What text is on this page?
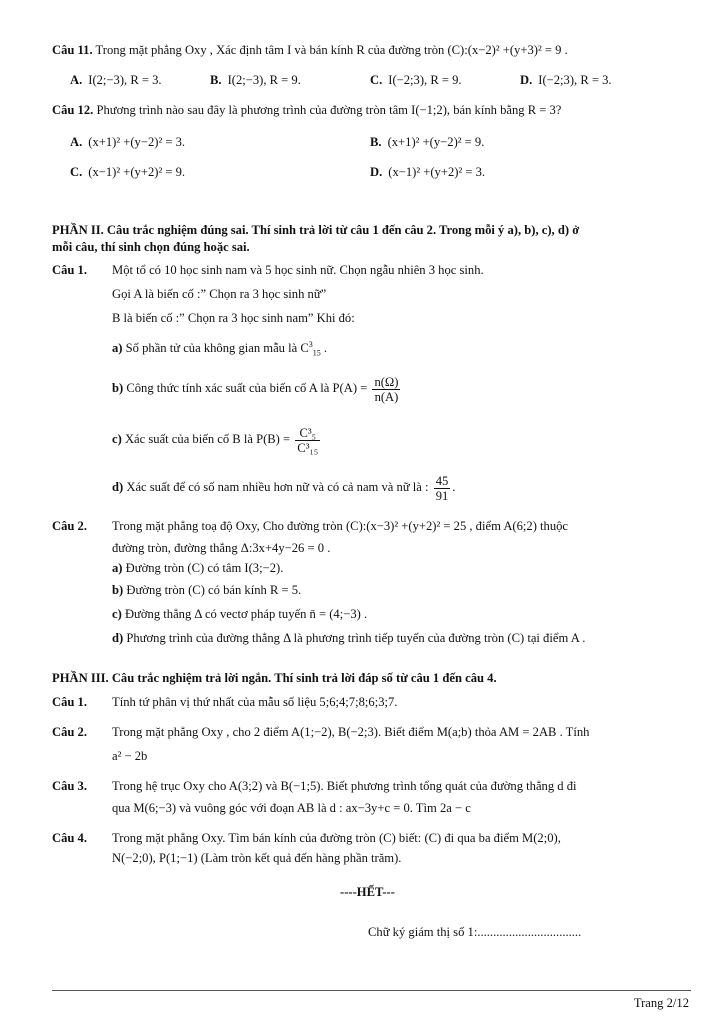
Câu 11. Trong mặt phẳng Oxy , Xác định tâm I và bán kính R của đường tròn (C):(x−2)² +(y+3)² = 9 .
A. I(2;−3), R = 3.	B. I(2;−3), R = 9.	C. I(−2;3), R = 9.	D. I(−2;3), R = 3.
Câu 12. Phương trình nào sau đây là phương trình của đường tròn tâm I(−1;2), bán kính bằng R = 3?
A. (x+1)² +(y−2)² = 3.	B. (x+1)² +(y−2)² = 9.
C. (x−1)² +(y+2)² = 9.	D. (x−1)² +(y+2)² = 3.
PHẦN II. Câu trắc nghiệm đúng sai. Thí sinh trả lời từ câu 1 đến câu 2. Trong mỗi ý a), b), c), d) ở
mỗi câu, thí sinh chọn đúng hoặc sai.
Câu 1. Một tổ có 10 học sinh nam và 5 học sinh nữ. Chọn ngẫu nhiên 3 học sinh.
Gọi A là biến cố :” Chọn ra 3 học sinh nữ”
B là biến cố :” Chọn ra 3 học sinh nam” Khi đó:
a) Số phần tử của không gian mẫu là $C^3_{15}$ .
b) Công thức tính xác suất của biến cố A là $P(A) = \frac{n(\Omega)}{n(A)}$
c) Xác suất của biến cố B là $P(B) = \frac{\text{C³₅}}{\text{C³₁₅}}$
d) Xác suất để có số nam nhiều hơn nữ và có cả nam và nữ là : $\frac{45}{91}$ .
Câu 2. Trong mặt phẳng toạ độ Oxy, Cho đường tròn (C):(x−3)² +(y+2)² = 25 , điểm A(6;2) thuộc
đường tròn, đường thẳng Δ:3x+4y−26 = 0 .
a) Đường tròn (C) có tâm I(3;−2).
b) Đường tròn (C) có bán kính R = 5.
c) Đường thẳng Δ có vectơ pháp tuyến n̄ = (4;−3) .
d) Phương trình của đường thẳng Δ là phương trình tiếp tuyến của đường tròn (C) tại điểm A .
PHẦN III. Câu trắc nghiệm trả lời ngắn. Thí sinh trả lời đáp số từ câu 1 đến câu 4.
Câu 1. Tính tứ phân vị thứ nhất của mẫu số liệu 5;6;4;7;8;6;3;7.
Câu 2. Trong mặt phẳng Oxy , cho 2 điểm A(1;−2), B(−2;3). Biết điểm M(a;b) thỏa AM = 2AB . Tính
a² − 2b
Câu 3. Trong hệ trục Oxy cho A(3;2) và B(−1;5). Biết phương trình tổng quát của đường thẳng d đi
qua M(6;−3) và vuông góc với đoạn AB là d : ax−3y+c = 0. Tìm 2a − c
Câu 4. Trong mặt phẳng Oxy. Tìm bán kính của đường tròn (C) biết: (C) đi qua ba điểm M(2;0),
N(−2;0), P(1;−1) (Làm tròn kết quả đến hàng phần trăm).
----HẾT---
Chữ ký giám thị số 1:.................................
Trang 2/12
